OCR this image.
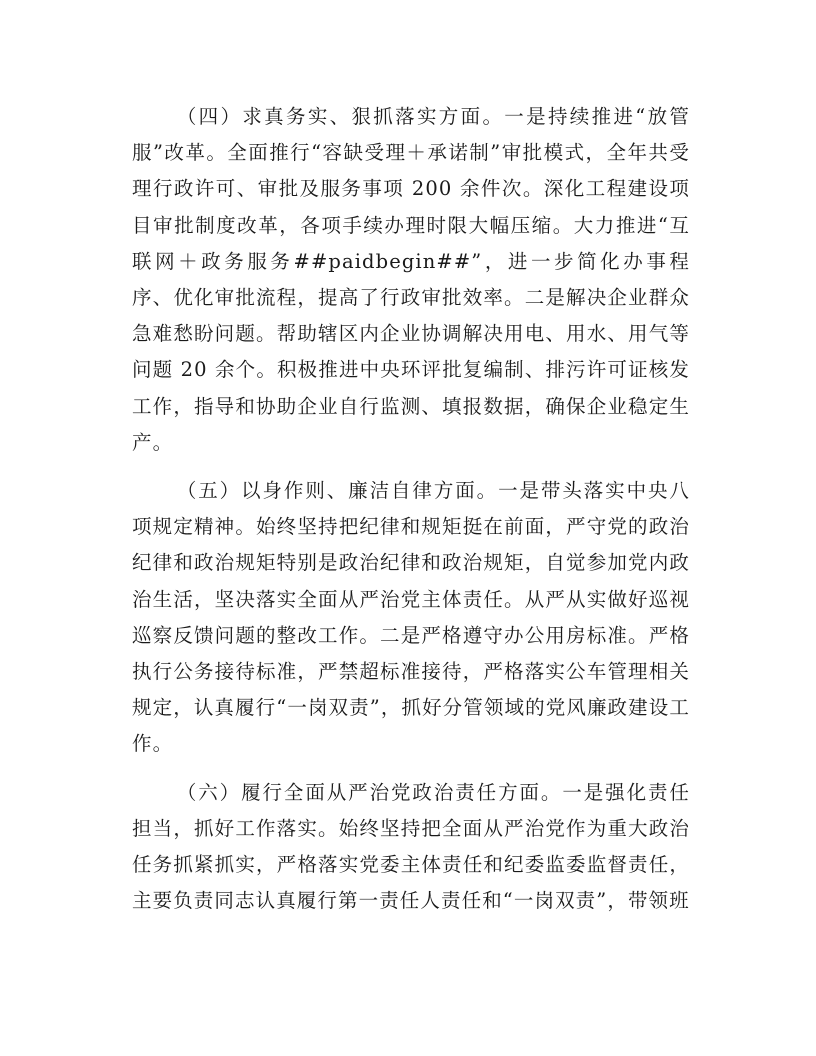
（四）求真务实、狠抓落实方面。一是持续推进“放管服”改革。全面推行“容缺受理＋承诺制”审批模式，全年共受理行政许可、审批及服务事项 200 余件次。深化工程建设项目审批制度改革，各项手续办理时限大幅压缩。大力推进“互联网＋政务服务##paidbegin##”，进一步简化办事程序、优化审批流程，提高了行政审批效率。二是解决企业群众急难愁盼问题。帮助辖区内企业协调解决用电、用水、用气等问题 20 余个。积极推进中央环评批复编制、排污许可证核发工作，指导和协助企业自行监测、填报数据，确保企业稳定生产。

（五）以身作则、廉洁自律方面。一是带头落实中央八项规定精神。始终坚持把纪律和规矩挺在前面，严守党的政治纪律和政治规矩特别是政治纪律和政治规矩，自觉参加党内政治生活，坚决落实全面从严治党主体责任。从严从实做好巡视巡察反馈问题的整改工作。二是严格遵守办公用房标准。严格执行公务接待标准，严禁超标准接待，严格落实公车管理相关规定，认真履行“一岗双责”，抓好分管领域的党风廉政建设工作。

（六）履行全面从严治党政治责任方面。一是强化责任担当，抓好工作落实。始终坚持把全面从严治党作为重大政治任务抓紧抓实，严格落实党委主体责任和纪委监委监督责任，主要负责同志认真履行第一责任人责任和“一岗双责”，带领班
